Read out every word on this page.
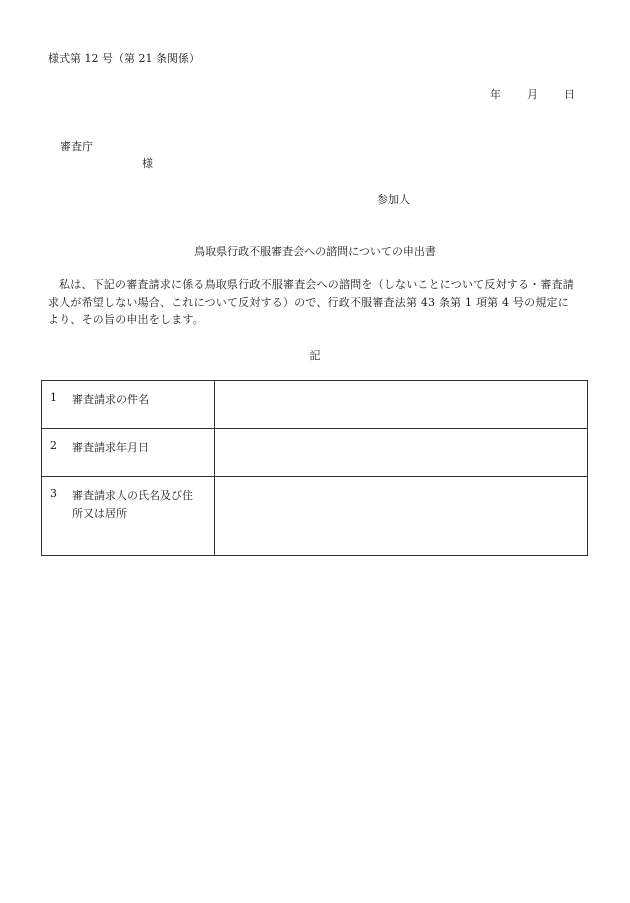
様式第 12 号（第 21 条関係）
年 月 日
審査庁
様
参加人
鳥取県行政不服審査会への諮問についての申出書
私は、下記の審査請求に係る鳥取県行政不服審査会への諮問を（しないことについて反対する・審査請求人が希望しない場合、これについて反対する）ので、行政不服審査法第 43 条第 1 項第 4 号の規定により、その旨の申出をします。
記
1 審査請求の件名	

2 審査請求年月日	

3 審査請求人の氏名及び住所又は居所	
